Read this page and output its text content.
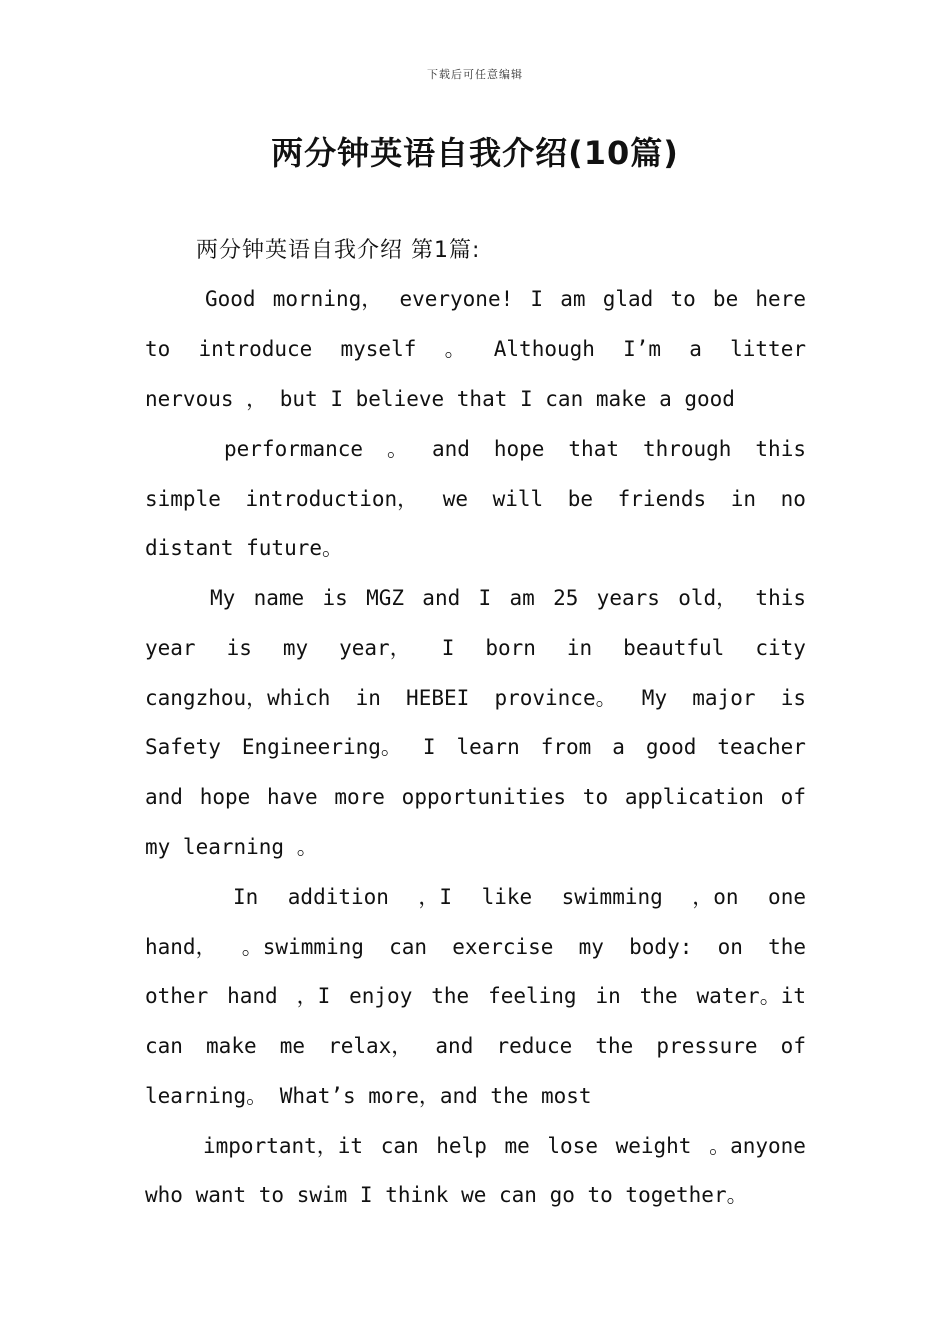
下载后可任意编辑
两分钟英语自我介绍(10篇)
两分钟英语自我介绍 第1篇:
Good morning， everyone! I am glad to be here
to introduce myself 。 Although I’m a litter
nervous ， but I believe that I can make a good
performance 。 and hope that through this
simple introduction， we will be friends in no
distant future。
My name is MGZ and I am 25 years old， this
year is my year， I born in beautful city
cangzhou，which in HEBEI province。 My major is
Safety Engineering。 I learn from a good teacher
and hope have more opportunities to application of
my learning 。
In addition ，I like swimming ，on one
hand， 。swimming can exercise my body: on the
other hand ，I enjoy the feeling in the water。it
can make me relax， and reduce the pressure of
learning。 What’s more，and the most
important，it can help me lose weight 。anyone
who want to swim I think we can go to together。
